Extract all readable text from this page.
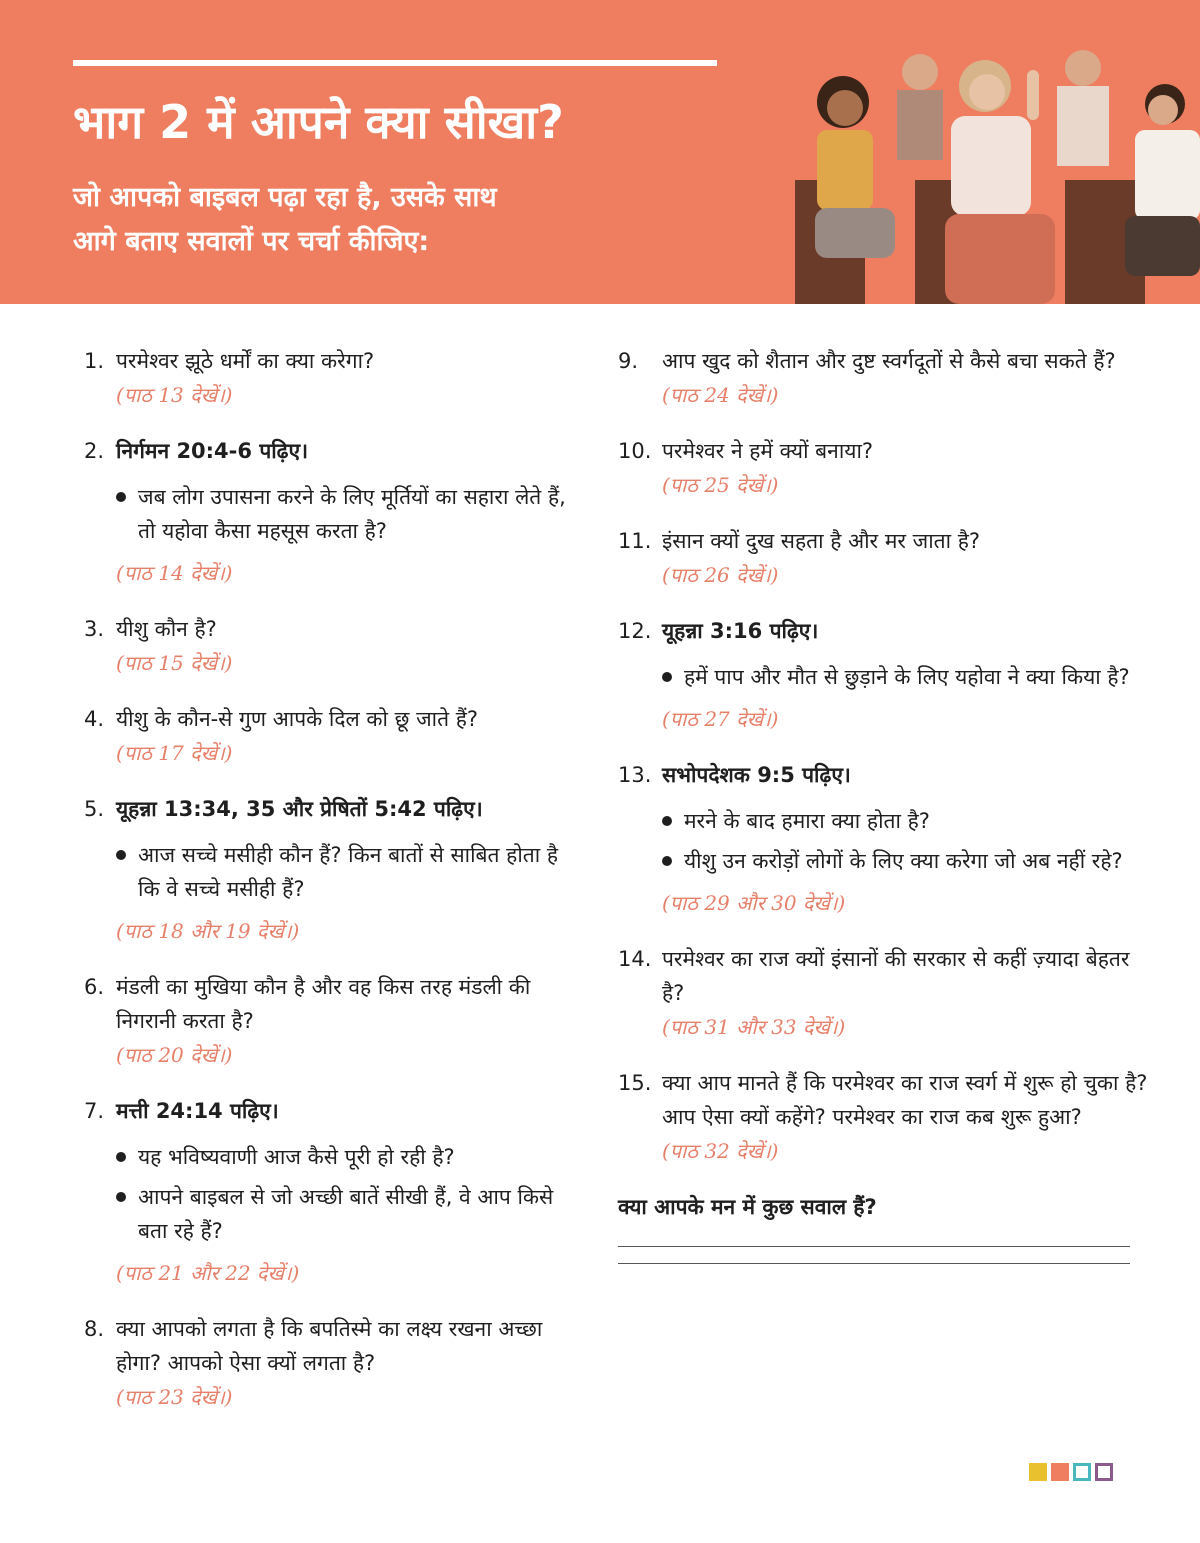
भाग 2 में आपने क्या सीखा?
जो आपको बाइबल पढ़ा रहा है, उसके साथ
आगे बताए सवालों पर चर्चा कीजिए:
1. परमेश्वर झूठे धर्मों का क्या करेगा?
(पाठ 13 देखें।)
2. निर्गमन 20:4-6 पढ़िए।
जब लोग उपासना करने के लिए मूर्तियों का सहारा लेते हैं, तो यहोवा कैसा महसूस करता है?
(पाठ 14 देखें।)
3. यीशु कौन है?
(पाठ 15 देखें।)
4. यीशु के कौन-से गुण आपके दिल को छू जाते हैं?
(पाठ 17 देखें।)
5. यूहन्ना 13:34, 35 और प्रेषितों 5:42 पढ़िए।
आज सच्चे मसीही कौन हैं? किन बातों से साबित होता है कि वे सच्चे मसीही हैं?
(पाठ 18 और 19 देखें।)
6. मंडली का मुखिया कौन है और वह किस तरह मंडली की निगरानी करता है?
(पाठ 20 देखें।)
7. मत्ती 24:14 पढ़िए।
यह भविष्यवाणी आज कैसे पूरी हो रही है?
आपने बाइबल से जो अच्छी बातें सीखी हैं, वे आप किसे बता रहे हैं?
(पाठ 21 और 22 देखें।)
8. क्या आपको लगता है कि बपतिस्मे का लक्ष्य रखना अच्छा होगा? आपको ऐसा क्यों लगता है?
(पाठ 23 देखें।)
9.	आप खुद को शैतान और दुष्ट स्वर्गदूतों से कैसे बचा सकते हैं?
(पाठ 24 देखें।)
10. परमेश्वर ने हमें क्यों बनाया?
(पाठ 25 देखें।)
11. इंसान क्यों दुख सहता है और मर जाता है?
(पाठ 26 देखें।)
12. यूहन्ना 3:16 पढ़िए।
हमें पाप और मौत से छुड़ाने के लिए यहोवा ने क्या किया है?
(पाठ 27 देखें।)
13. सभोपदेशक 9:5 पढ़िए।
मरने के बाद हमारा क्या होता है?
यीशु उन करोड़ों लोगों के लिए क्या करेगा जो अब नहीं रहे?
(पाठ 29 और 30 देखें।)
14. परमेश्वर का राज क्यों इंसानों की सरकार से कहीं ज़्यादा बेहतर है?
(पाठ 31 और 33 देखें।)
15. क्या आप मानते हैं कि परमेश्वर का राज स्वर्ग में शुरू हो चुका है? आप ऐसा क्यों कहेंगे? परमेश्वर का राज कब शुरू हुआ?
(पाठ 32 देखें।)
क्या आपके मन में कुछ सवाल हैं?
